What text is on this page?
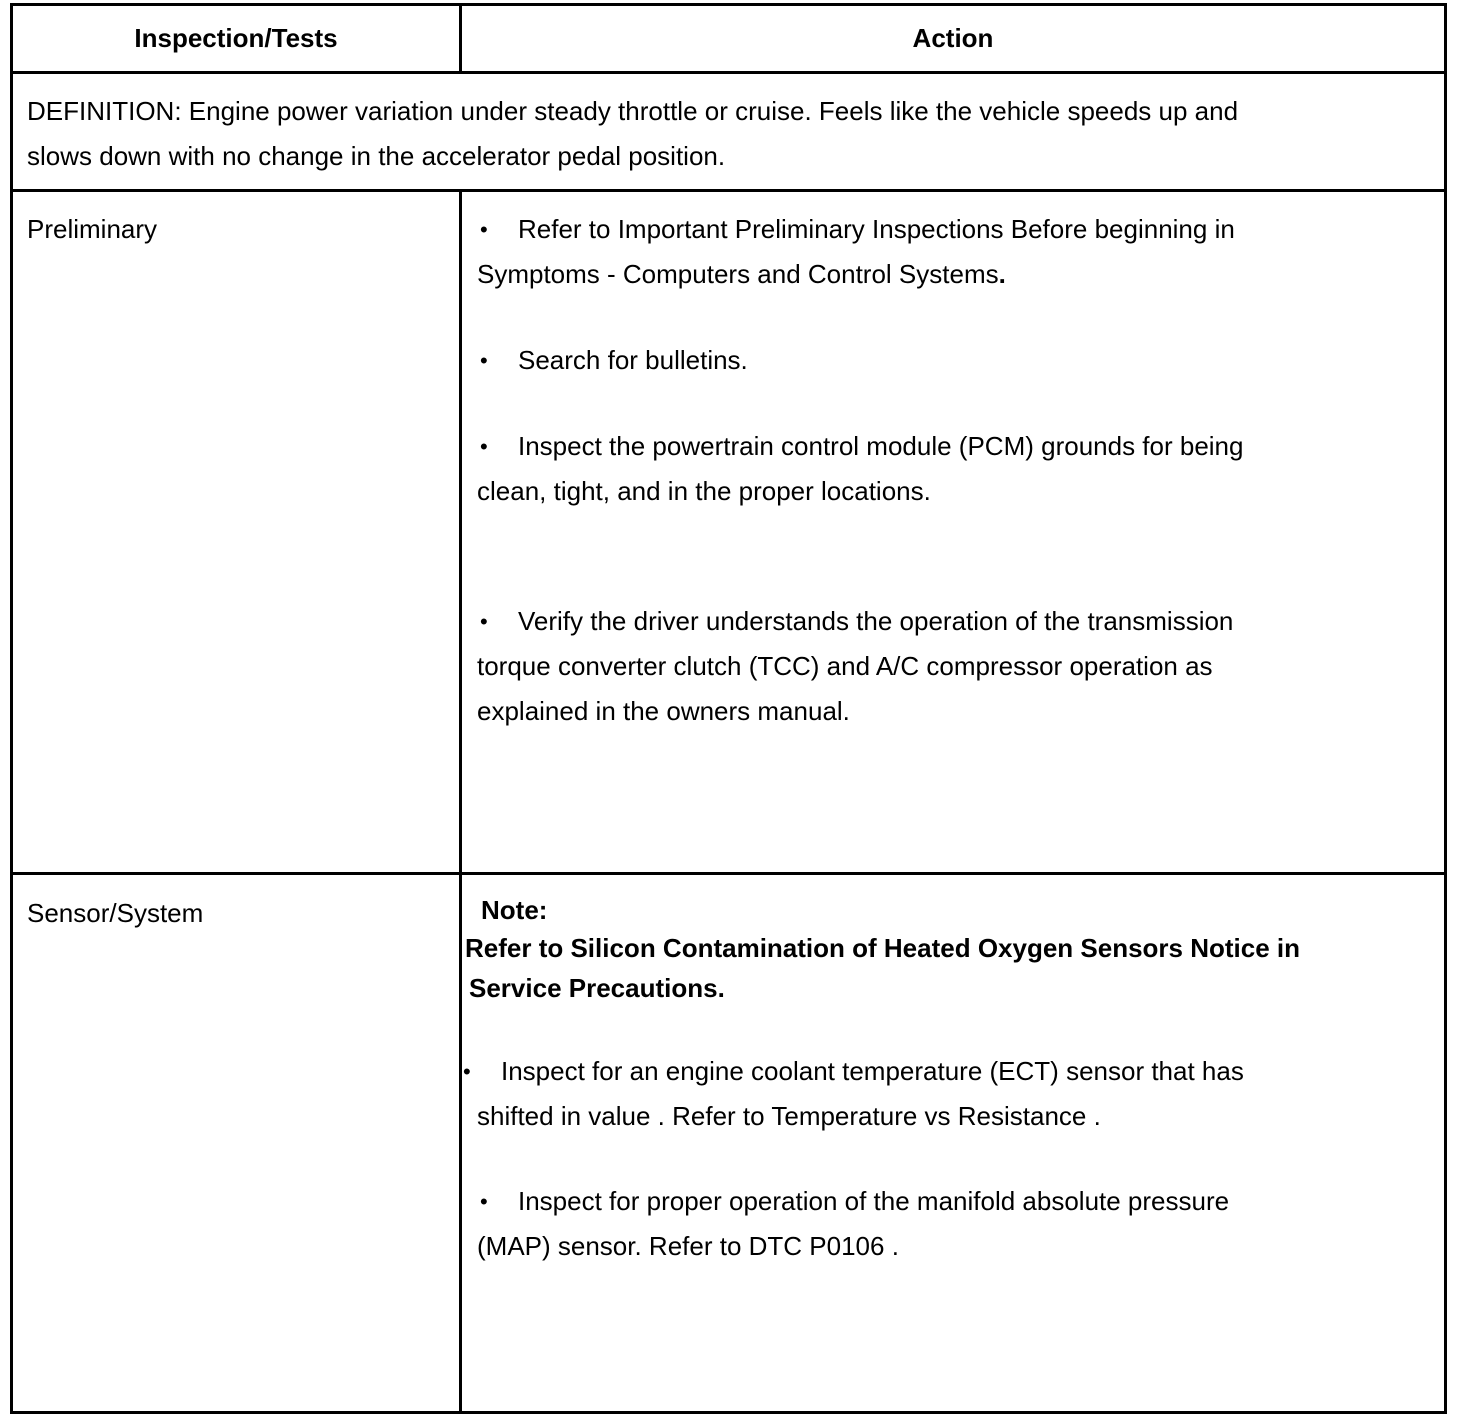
Inspection/Tests	Action
DEFINITION: Engine power variation under steady throttle or cruise. Feels like the vehicle speeds up and
slows down with no change in the accelerator pedal position.
Preliminary	• Refer to Important Preliminary Inspections Before beginning in
Symptoms - Computers and Control Systems.
• Search for bulletins.
• Inspect the powertrain control module (PCM) grounds for being
clean, tight, and in the proper locations.
• Verify the driver understands the operation of the transmission
torque converter clutch (TCC) and A/C compressor operation as
explained in the owners manual.
Sensor/System	Note:
Refer to Silicon Contamination of Heated Oxygen Sensors Notice in
Service Precautions.
• Inspect for an engine coolant temperature (ECT) sensor that has
shifted in value . Refer to Temperature vs Resistance .
• Inspect for proper operation of the manifold absolute pressure
(MAP) sensor. Refer to DTC P0106 .
